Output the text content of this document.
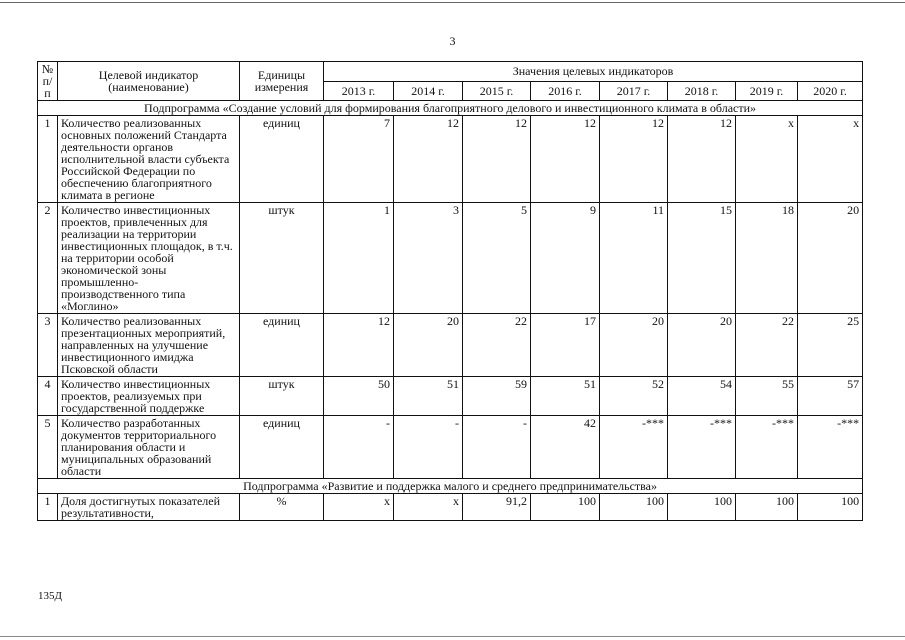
3
№ п/п	Целевой индикатор (наименование)	Единицы измерения	Значения целевых индикаторов							
			2013 г.	2014 г.	2015 г.	2016 г.	2017 г.	2018 г.	2019 г.	2020 г.
Подпрограмма «Создание условий для формирования благоприятного делового и инвестиционного климата в области»										
1	Количество реализованных основных положений Стандарта деятельности органов исполнительной власти субъекта Российской Федерации по обеспечению благоприятного климата в регионе	единиц	7	12	12	12	12	12	x	x
2	Количество инвестиционных проектов, привлеченных для реализации на территории инвестиционных площадок, в т.ч. на территории особой экономической зоны промышленно-производственного типа «Моглино»	штук	1	3	5	9	11	15	18	20
3	Количество реализованных презентационных мероприятий, направленных на улучшение инвестиционного имиджа Псковской области	единиц	12	20	22	17	20	20	22	25
4	Количество инвестиционных проектов, реализуемых при государственной поддержке	штук	50	51	59	51	52	54	55	57
5	Количество разработанных документов территориального планирования области и муниципальных образований области	единиц	-	-	-	42	-***	-***	-***	-***
Подпрограмма «Развитие и поддержка малого и среднего предпринимательства»										
1	Доля достигнутых показателей результативности,	%	x	x	91,2	100	100	100	100	100
135Д
